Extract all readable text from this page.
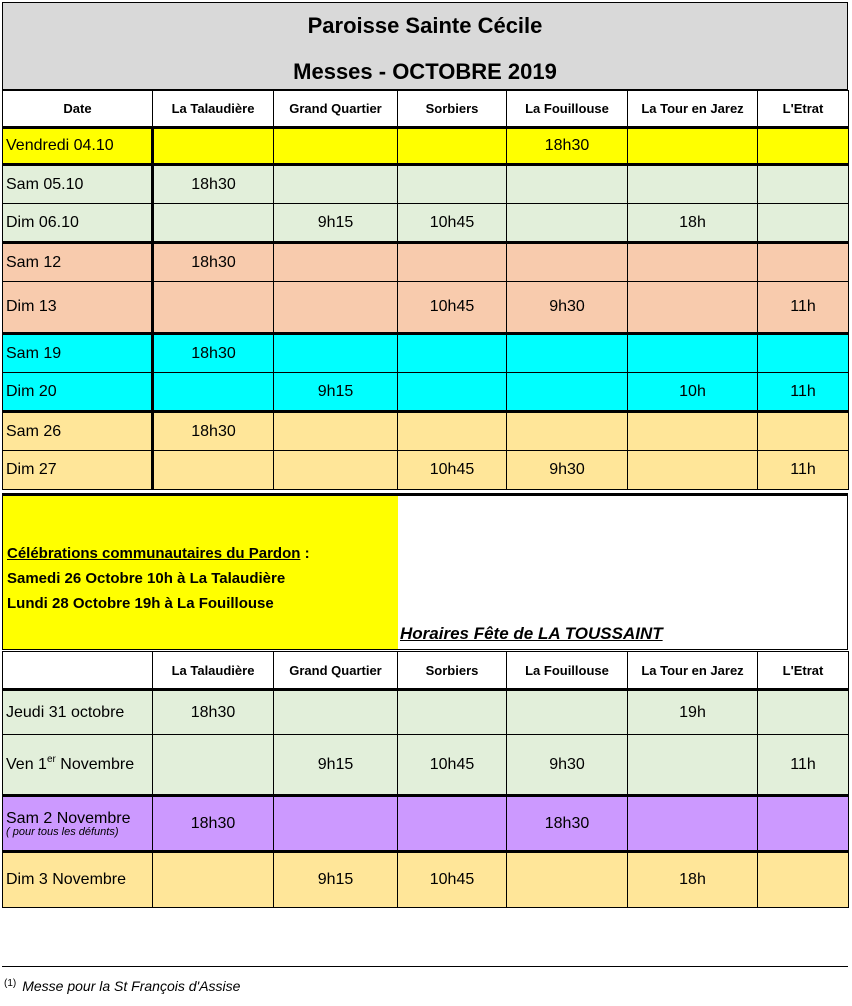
Paroisse Sainte Cécile
Messes - OCTOBRE 2019
Date	La Talaudière	Grand Quartier	Sorbiers	La Fouillouse	La Tour en Jarez	L'Etrat
Vendredi 04.10				18h30		
Sam 05.10	18h30					
Dim 06.10		9h15	10h45		18h	
Sam 12	18h30					
Dim 13			10h45	9h30		11h
Sam 19	18h30					
Dim 20		9h15			10h	11h
Sam 26	18h30					
Dim 27			10h45	9h30		11h
Célébrations communautaires du Pardon :
Samedi 26 Octobre 10h à La Talaudière
Lundi 28 Octobre 19h à La Fouillouse
Horaires Fête de LA TOUSSAINT
	La Talaudière	Grand Quartier	Sorbiers	La Fouillouse	La Tour en Jarez	L'Etrat
Jeudi 31 octobre	18h30				19h	
Ven 1er Novembre		9h15	10h45	9h30		11h
Sam 2 Novembre
( pour tous les défunts)	18h30			18h30		
Dim 3 Novembre		9h15	10h45		18h	
$^{(1)}$ Messe pour la St François d'Assise
